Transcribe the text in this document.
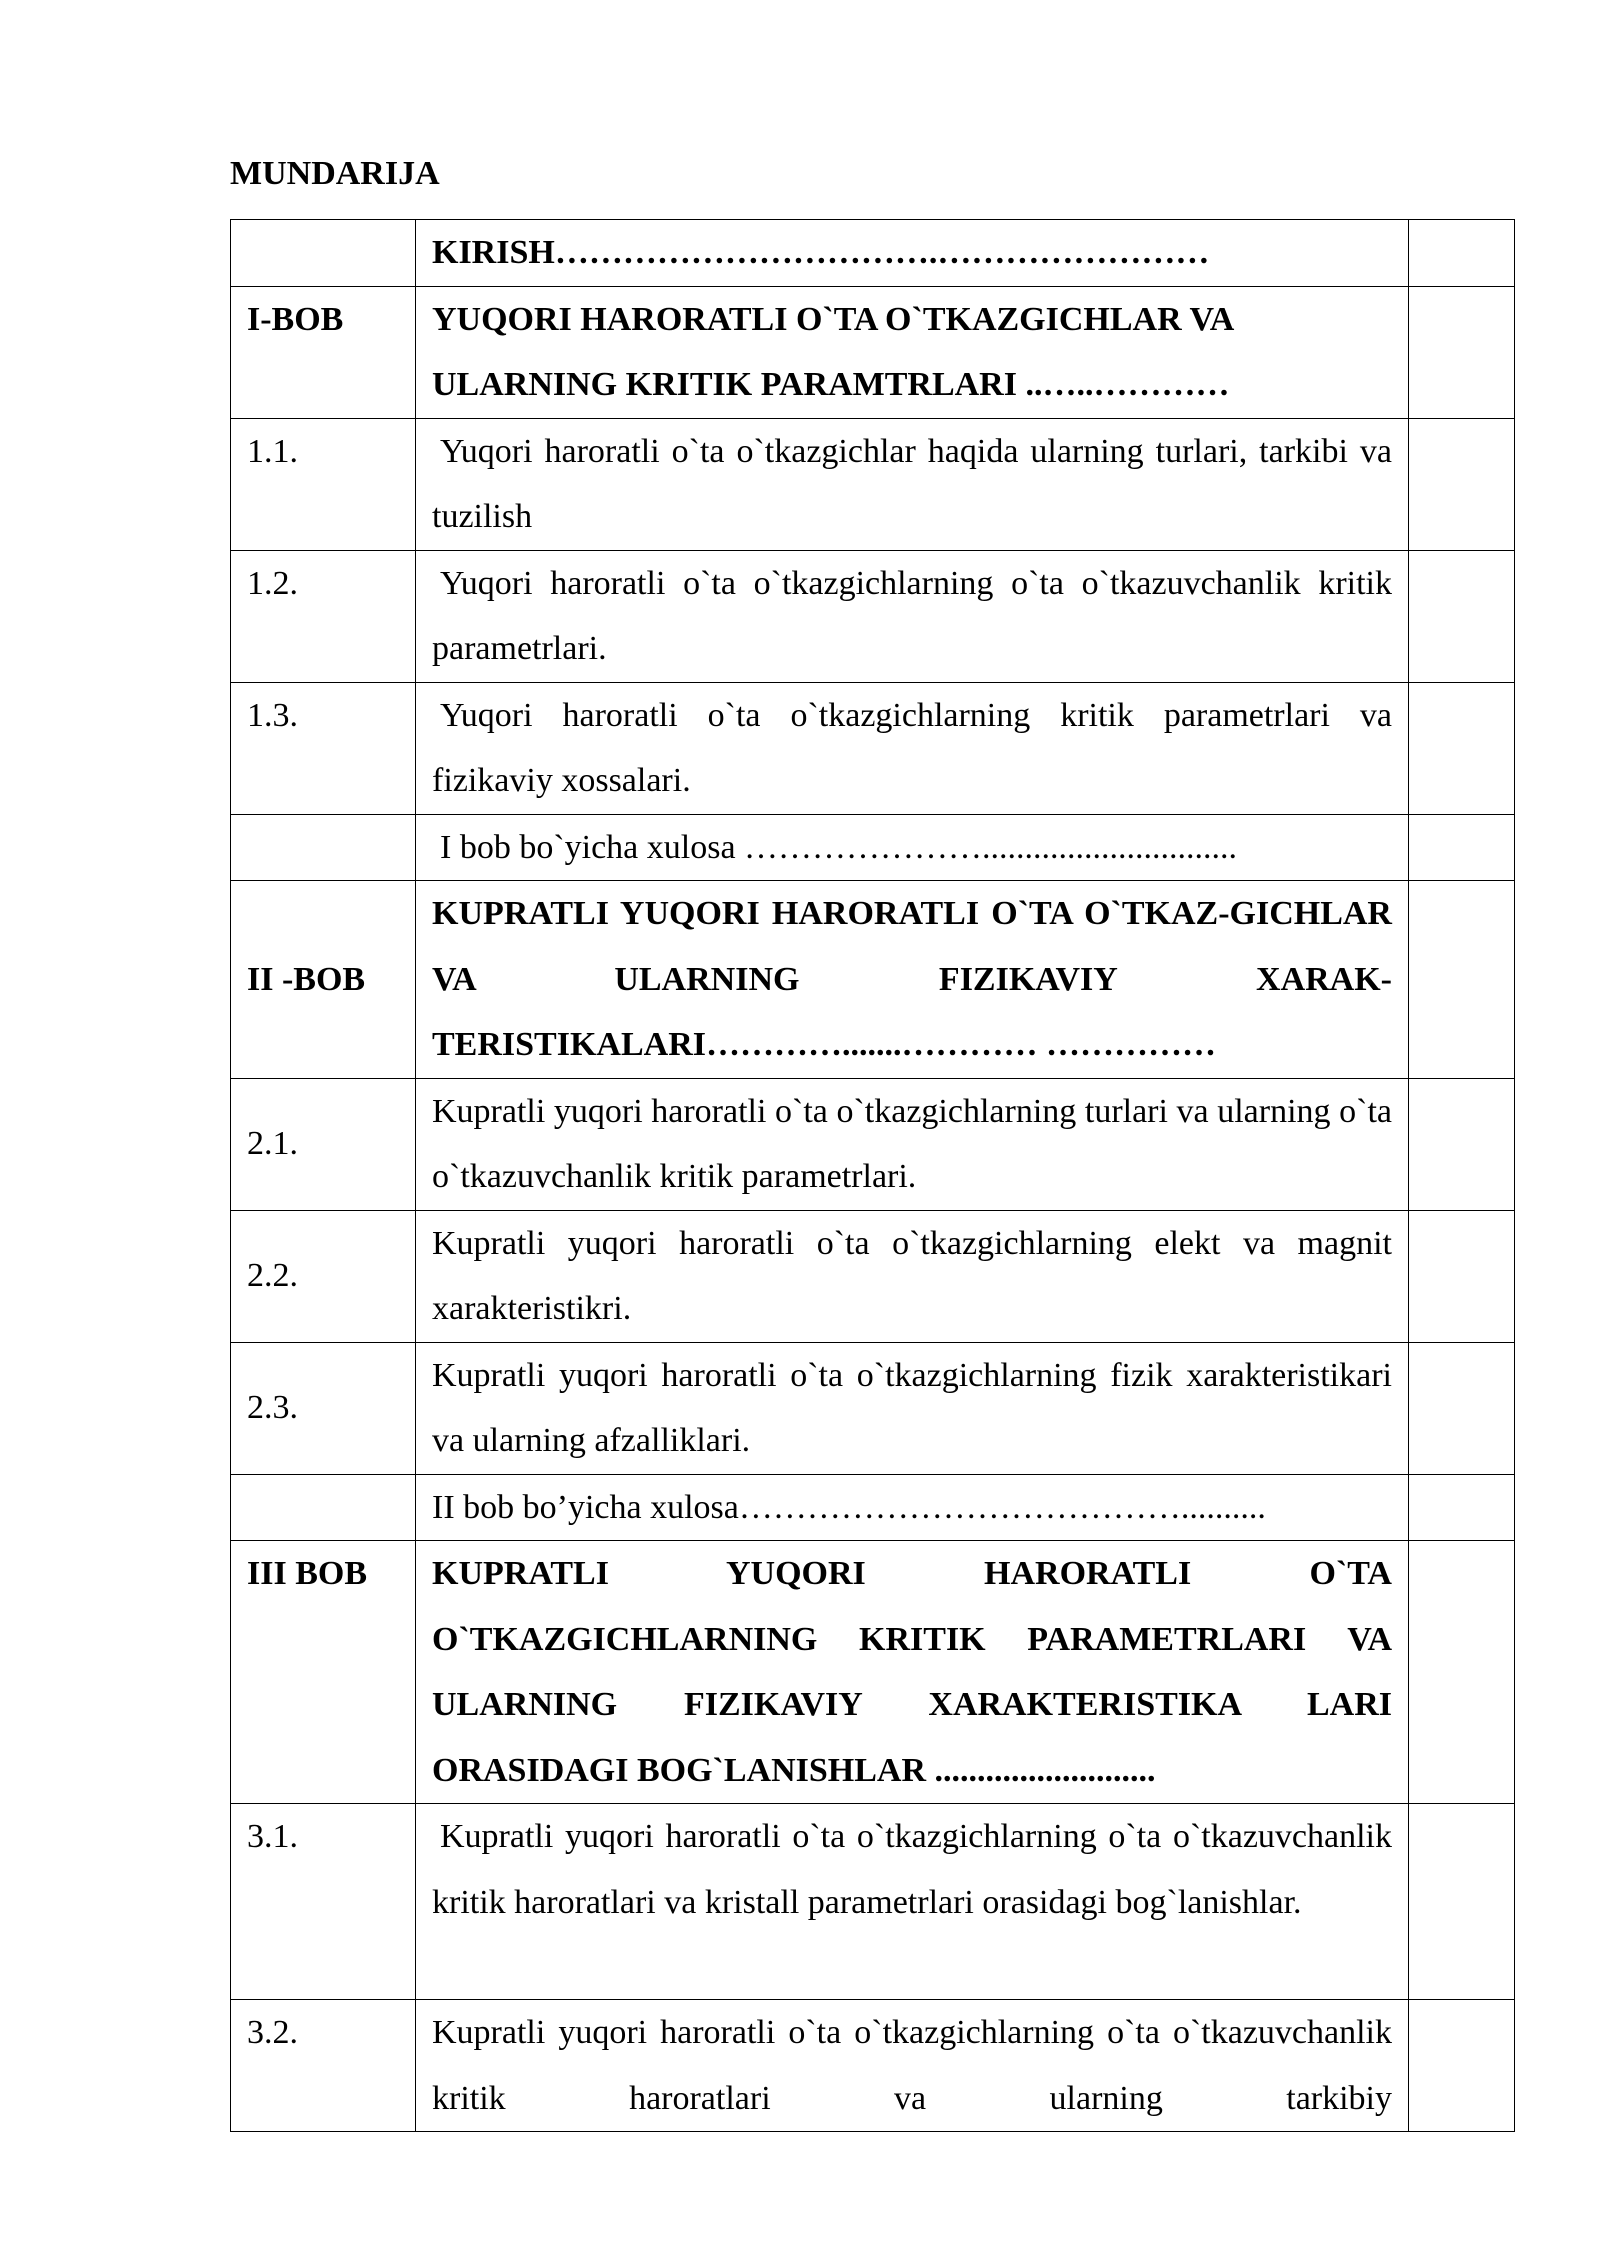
MUNDARIJA
	KIRISH…………………………….……………………	
I-BOB	YUQORI HARORATLI O`TA O`TKAZGICHLAR VA ULARNING KRITIK PARAMTRLARI ..…..…………	
1.1.	Yuqori haroratli o`ta o`tkazgichlar haqida ularning turlari, tarkibi va tuzilish	
1.2.	Yuqori haroratli o`ta o`tkazgichlarning o`ta o`tkazuvchanlik kritik parametrlari.	
1.3.	Yuqori haroratli o`ta o`tkazgichlarning kritik parametrlari va fizikaviy xossalari.	
	I bob bo`yicha xulosa …………………..............................	
II -BOB	KUPRATLI YUQORI HARORATLI O`TA O`TKAZ-GICHLAR VA ULARNING FIZIKAVIY XARAK-TERISTIKALARI………….......………… ……………	
2.1.	Kupratli yuqori haroratli o`ta o`tkazgichlarning turlari va ularning o`ta o`tkazuvchanlik kritik parametrlari.	
2.2.	Kupratli yuqori haroratli o`ta o`tkazgichlarning elekt va magnit xarakteristikri.	
2.3.	Kupratli yuqori haroratli o`ta o`tkazgichlarning fizik xarakteristikari va ularning afzalliklari.	
	II bob bo’yicha xulosa…………………………………..........	
III BOB	KUPRATLI YUQORI HARORATLI O`TA O`TKAZGICHLARNING KRITIK PARAMETRLARI VA ULARNING FIZIKAVIY XARAKTERISTIKA LARI ORASIDAGI BOG`LANISHLAR ..........................	
3.1.	Kupratli yuqori haroratli o`ta o`tkazgichlarning o`ta o`tkazuvchanlik kritik haroratlari va kristall parametrlari orasidagi bog`lanishlar.	
3.2.	Kupratli yuqori haroratli o`ta o`tkazgichlarning o`ta o`tkazuvchanlik kritik haroratlari va ularning tarkibiy	
